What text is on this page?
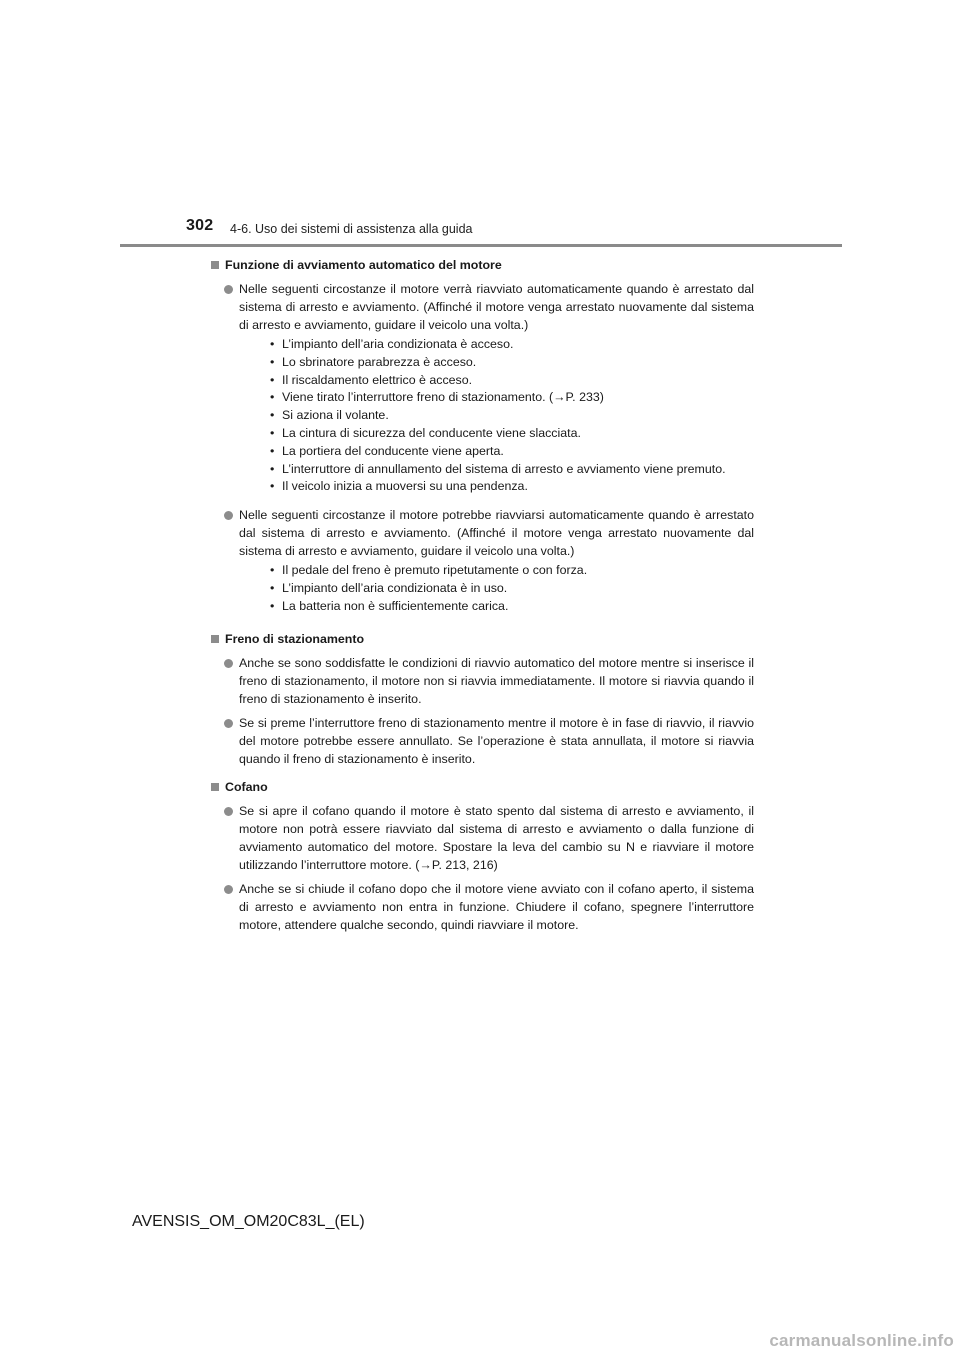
302 4-6. Uso dei sistemi di assistenza alla guida
Funzione di avviamento automatico del motore
Nelle seguenti circostanze il motore verrà riavviato automaticamente quando è arrestato dal sistema di arresto e avviamento. (Affinché il motore venga arrestato nuovamente dal sistema di arresto e avviamento, guidare il veicolo una volta.)
• L’impianto dell’aria condizionata è acceso.
• Lo sbrinatore parabrezza è acceso.
• Il riscaldamento elettrico è acceso.
• Viene tirato l’interruttore freno di stazionamento. (→P. 233)
• Si aziona il volante.
• La cintura di sicurezza del conducente viene slacciata.
• La portiera del conducente viene aperta.
• L’interruttore di annullamento del sistema di arresto e avviamento viene premuto.
• Il veicolo inizia a muoversi su una pendenza.
Nelle seguenti circostanze il motore potrebbe riavviarsi automaticamente quando è arrestato dal sistema di arresto e avviamento. (Affinché il motore venga arrestato nuovamente dal sistema di arresto e avviamento, guidare il veicolo una volta.)
• Il pedale del freno è premuto ripetutamente o con forza.
• L’impianto dell’aria condizionata è in uso.
• La batteria non è sufficientemente carica.
Freno di stazionamento
Anche se sono soddisfatte le condizioni di riavvio automatico del motore mentre si inserisce il freno di stazionamento, il motore non si riavvia immediatamente. Il motore si riavvia quando il freno di stazionamento è inserito.
Se si preme l’interruttore freno di stazionamento mentre il motore è in fase di riavvio, il riavvio del motore potrebbe essere annullato. Se l’operazione è stata annullata, il motore si riavvia quando il freno di stazionamento è inserito.
Cofano
Se si apre il cofano quando il motore è stato spento dal sistema di arresto e avviamento, il motore non potrà essere riavviato dal sistema di arresto e avviamento o dalla funzione di avviamento automatico del motore. Spostare la leva del cambio su N e riavviare il motore utilizzando l’interruttore motore. (→P. 213, 216)
Anche se si chiude il cofano dopo che il motore viene avviato con il cofano aperto, il sistema di arresto e avviamento non entra in funzione. Chiudere il cofano, spegnere l’interruttore motore, attendere qualche secondo, quindi riavviare il motore.
AVENSIS_OM_OM20C83L_(EL)
carmanualsonline.info
